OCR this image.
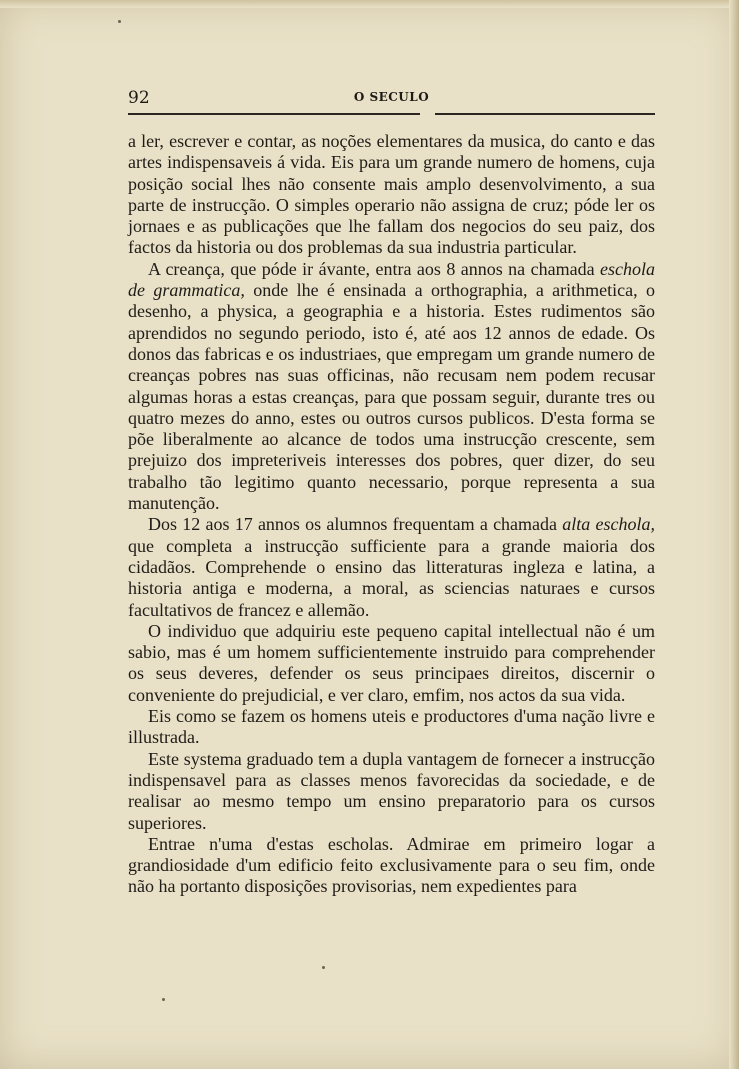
92	O SECULO

a ler, escrever e contar, as noções elementares da musica, do canto e das artes indispensaveis á vida. Eis para um grande numero de homens, cuja posição social lhes não consente mais amplo desenvolvimento, a sua parte de instrucção. O simples operario não assigna de cruz; póde ler os jornaes e as publicações que lhe fallam dos negocios do seu paiz, dos factos da historia ou dos problemas da sua industria particular.

A creança, que póde ir ávante, entra aos 8 annos na chamada eschola de grammatica, onde lhe é ensinada a orthographia, a arithmetica, o desenho, a physica, a geographia e a historia. Estes rudimentos são aprendidos no segundo periodo, isto é, até aos 12 annos de edade. Os donos das fabricas e os industriaes, que empregam um grande numero de creanças pobres nas suas officinas, não recusam nem podem recusar algumas horas a estas creanças, para que possam seguir, durante tres ou quatro mezes do anno, estes ou outros cursos publicos. D'esta forma se põe liberalmente ao alcance de todos uma instrucção crescente, sem prejuizo dos impreteriveis interesses dos pobres, quer dizer, do seu trabalho tão legitimo quanto necessario, porque representa a sua manutenção.

Dos 12 aos 17 annos os alumnos frequentam a chamada alta eschola, que completa a instrucção sufficiente para a grande maioria dos cidadãos. Comprehende o ensino das litteraturas ingleza e latina, a historia antiga e moderna, a moral, as sciencias naturaes e cursos facultativos de francez e allemão.

O individuo que adquiriu este pequeno capital intellectual não é um sabio, mas é um homem sufficientemente instruido para comprehender os seus deveres, defender os seus principaes direitos, discernir o conveniente do prejudicial, e ver claro, emfim, nos actos da sua vida.

Eis como se fazem os homens uteis e productores d'uma nação livre e illustrada.

Este systema graduado tem a dupla vantagem de fornecer a instrucção indispensavel para as classes menos favorecidas da sociedade, e de realisar ao mesmo tempo um ensino preparatorio para os cursos superiores.

Entrae n'uma d'estas escholas. Admirae em primeiro logar a grandiosidade d'um edificio feito exclusivamente para o seu fim, onde não ha portanto disposições provisorias, nem expedientes para
